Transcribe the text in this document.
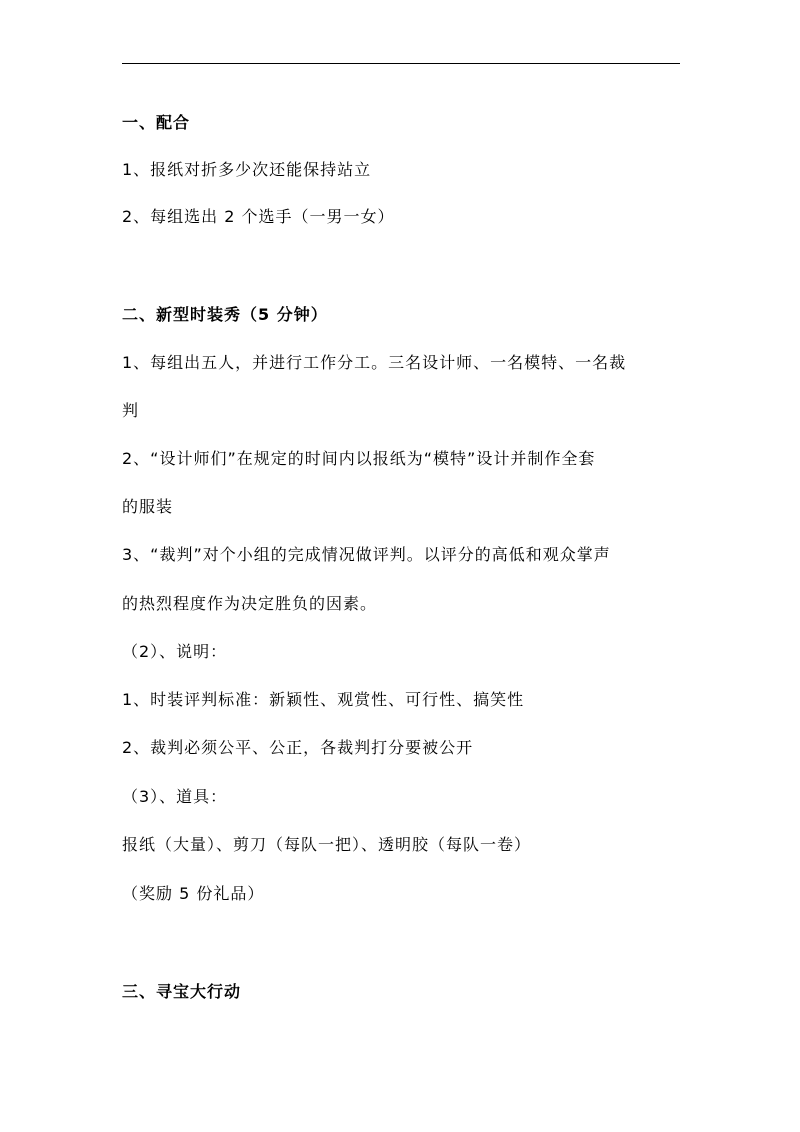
一、配合
1、报纸对折多少次还能保持站立
2、每组选出 2 个选手（一男一女）
二、新型时装秀（5 分钟）
1、每组出五人，并进行工作分工。三名设计师、一名模特、一名裁
判
2、“设计师们”在规定的时间内以报纸为“模特”设计并制作全套
的服装
3、“裁判”对个小组的完成情况做评判。以评分的高低和观众掌声
的热烈程度作为决定胜负的因素。
（2）、说明：
1、时装评判标准：新颖性、观赏性、可行性、搞笑性
2、裁判必须公平、公正，各裁判打分要被公开
（3）、道具：
报纸（大量）、剪刀（每队一把）、透明胶（每队一卷）
（奖励 5 份礼品）
三、寻宝大行动
